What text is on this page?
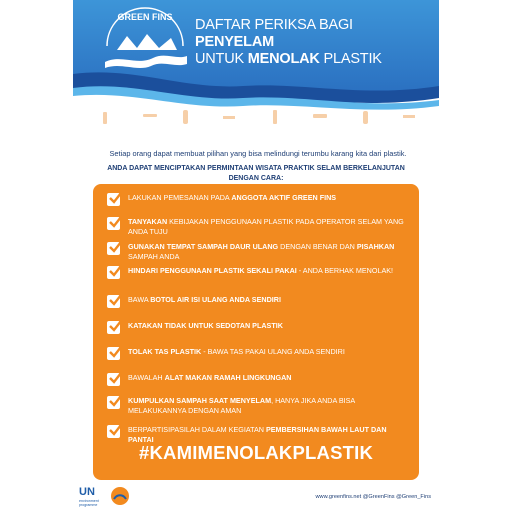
GREEN FINS DAFTAR PERIKSA BAGI PENYELAM
UNTUK MENOLAK PLASTIK
Setiap orang dapat membuat pilihan yang bisa melindungi terumbu karang kita dari plastik.
ANDA DAPAT MENCIPTAKAN PERMINTAAN WISATA PRAKTIK SELAM BERKELANJUTAN DENGAN CARA:
LAKUKAN PEMESANAN PADA ANGGOTA AKTIF GREEN FINS
TANYAKAN KEBIJAKAN PENGGUNAAN PLASTIK PADA OPERATOR SELAM YANG ANDA TUJU
GUNAKAN TEMPAT SAMPAH DAUR ULANG DENGAN BENAR DAN PISAHKAN SAMPAH ANDA
HINDARI PENGGUNAAN PLASTIK SEKALI PAKAI - ANDA BERHAK MENOLAK!
BAWA BOTOL AIR ISI ULANG ANDA SENDIRI
KATAKAN TIDAK UNTUK SEDOTAN PLASTIK
TOLAK TAS PLASTIK - BAWA TAS PAKAI ULANG ANDA SENDIRI
BAWALAH ALAT MAKAN RAMAH LINGKUNGAN
KUMPULKAN SAMPAH SAAT MENYELAM, HANYA JIKA ANDA BISA MELAKUKANNYA DENGAN AMAN
BERPARTISIPASILAH DALAM KEGIATAN PEMBERSIHAN BAWAH LAUT DAN PANTAI
#KAMIMENOLAKPLASTIK
UN
environment programme
www.greenfins.net @GreenFins @Green_Fins
